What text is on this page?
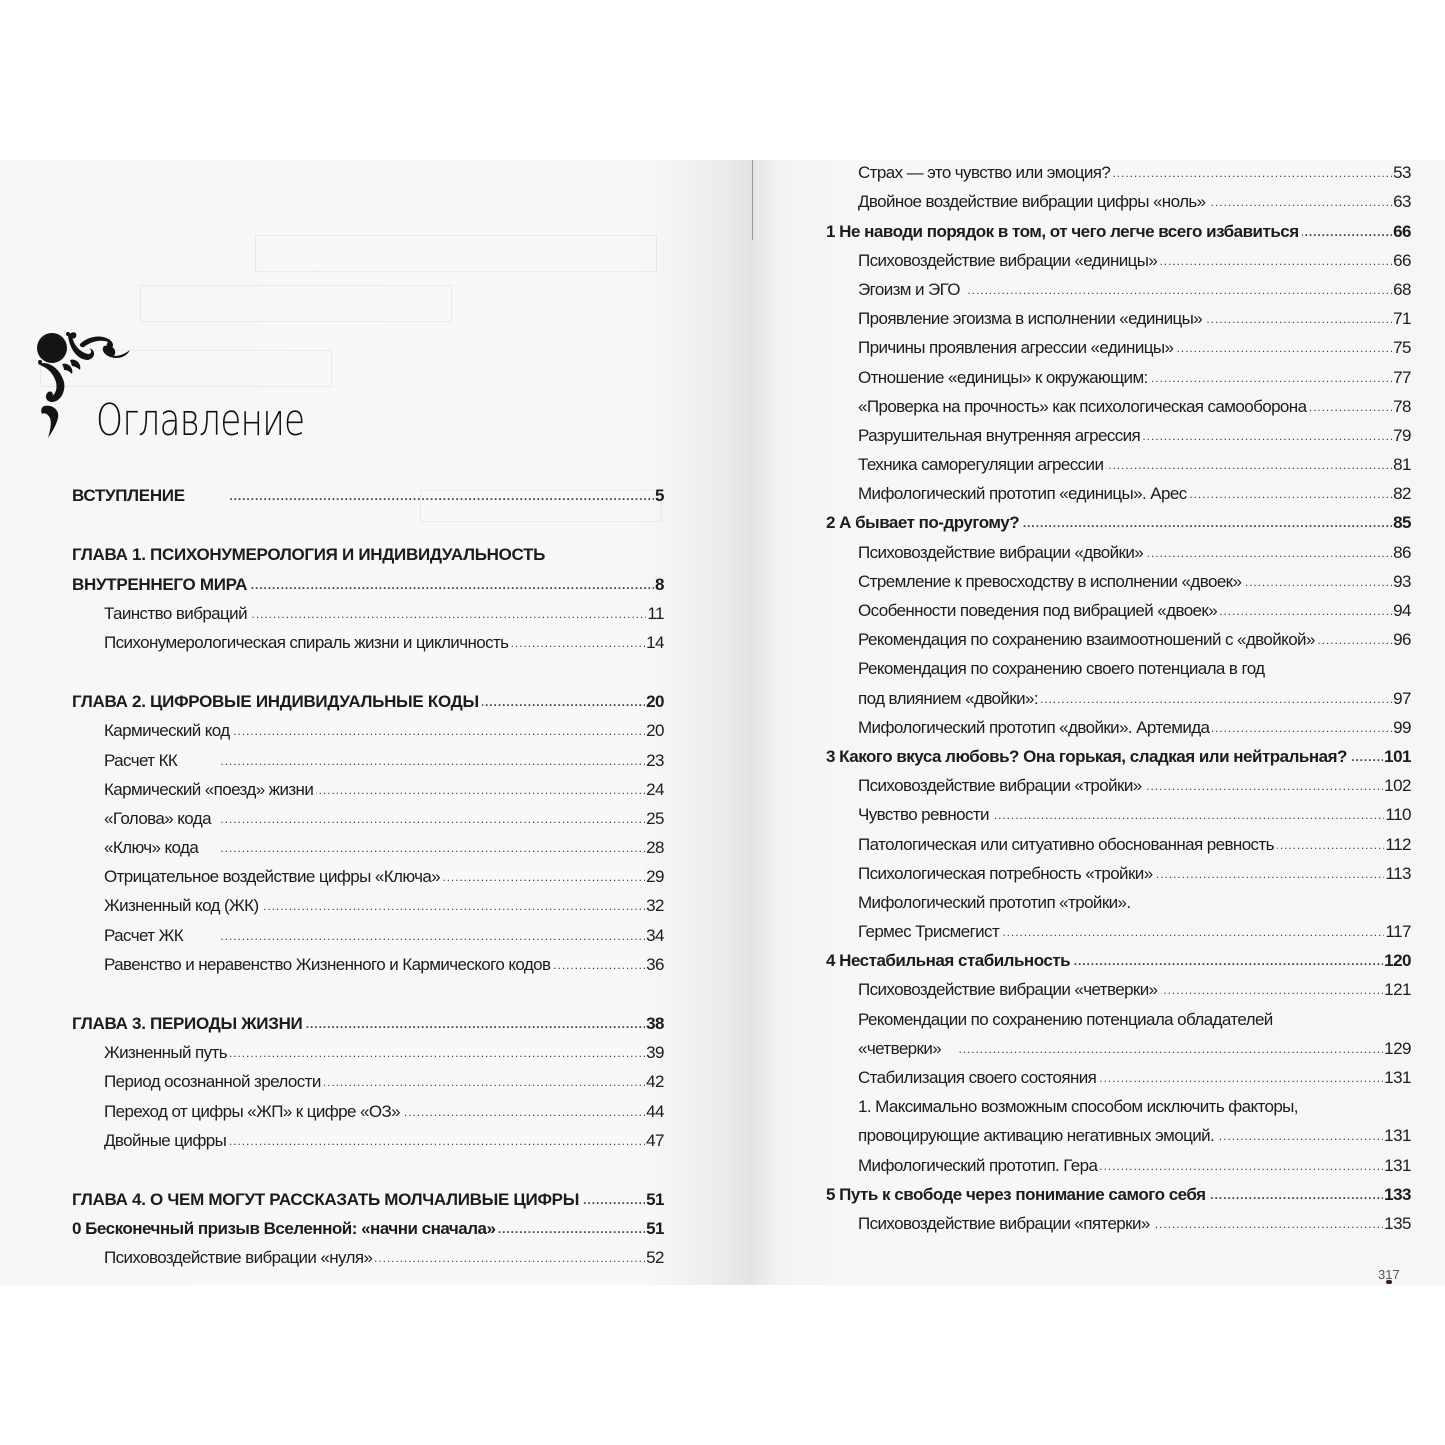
Оглавление
ВСТУПЛЕНИЕ . . .	5
ГЛАВА 1. ПСИХОНУМЕРОЛОГИЯ И ИНДИВИДУАЛЬНОСТЬ
ВНУТРЕННЕГО МИРА . . .	8
Таинство вибраций . . .	11
Психонумерологическая спираль жизни и цикличность . . .	14
ГЛАВА 2. ЦИФРОВЫЕ ИНДИВИДУАЛЬНЫЕ КОДЫ . . .	20
Кармический код . . .	20
Расчет КК . . .	23
Кармический «поезд» жизни . . .	24
«Голова» кода . . .	25
«Ключ» кода . . .	28
Отрицательное воздействие цифры «Ключа» . . .	29
Жизненный код (ЖК) . . .	32
Расчет ЖК . . .	34
Равенство и неравенство Жизненного и Кармического кодов . . .	36
ГЛАВА 3. ПЕРИОДЫ ЖИЗНИ . . .	38
Жизненный путь . . .	39
Период осознанной зрелости . . .	42
Переход от цифры «ЖП» к цифре «ОЗ» . . .	44
Двойные цифры . . .	47
ГЛАВА 4. О ЧЕМ МОГУТ РАССКАЗАТЬ МОЛЧАЛИВЫЕ ЦИФРЫ . . .	51
0 Бесконечный призыв Вселенной: «начни сначала» . . .	51
Психовоздействие вибрации «нуля» . . .	52
Страх — это чувство или эмоция? . . .	53
Двойное воздействие вибрации цифры «ноль» . . .	63
1 Не наводи порядок в том, от чего легче всего избавиться . . .	66
Психовоздействие вибрации «единицы» . . .	66
Эгоизм и ЭГО . . .	68
Проявление эгоизма в исполнении «единицы» . . .	71
Причины проявления агрессии «единицы» . . .	75
Отношение «единицы» к окружающим: . . .	77
«Проверка на прочность» как психологическая самооборона . . .	78
Разрушительная внутренняя агрессия . . .	79
Техника саморегуляции агрессии . . .	81
Мифологический прототип «единицы». Арес . . .	82
2 А бывает по-другому? . . .	85
Психовоздействие вибрации «двойки» . . .	86
Стремление к превосходству в исполнении «двоек» . . .	93
Особенности поведения под вибрацией «двоек» . . .	94
Рекомендация по сохранению взаимоотношений с «двойкой» . . .	96
Рекомендация по сохранению своего потенциала в год
под влиянием «двойки»: . . .	97
Мифологический прототип «двойки». Артемида . . .	99
3 Какого вкуса любовь? Она горькая, сладкая или нейтральная? . . . 101
Психовоздействие вибрации «тройки» . . .	102
Чувство ревности . . .	110
Патологическая или ситуативно обоснованная ревность . . .	112
Психологическая потребность «тройки» . . .	113
Мифологический прототип «тройки».
Гермес Трисмегист . . .	117
4 Нестабильная стабильность . . .	120
Психовоздействие вибрации «четверки» . . .	121
Рекомендации по сохранению потенциала обладателей
«четверки» . . .	129
Стабилизация своего состояния . . .	131
1. Максимально возможным способом исключить факторы,
провоцирующие активацию негативных эмоций. . . .	131
Мифологический прототип. Гера . . .	131
5 Путь к свободе через понимание самого себя . . .	133
Психовоздействие вибрации «пятерки» . . .	135
317
